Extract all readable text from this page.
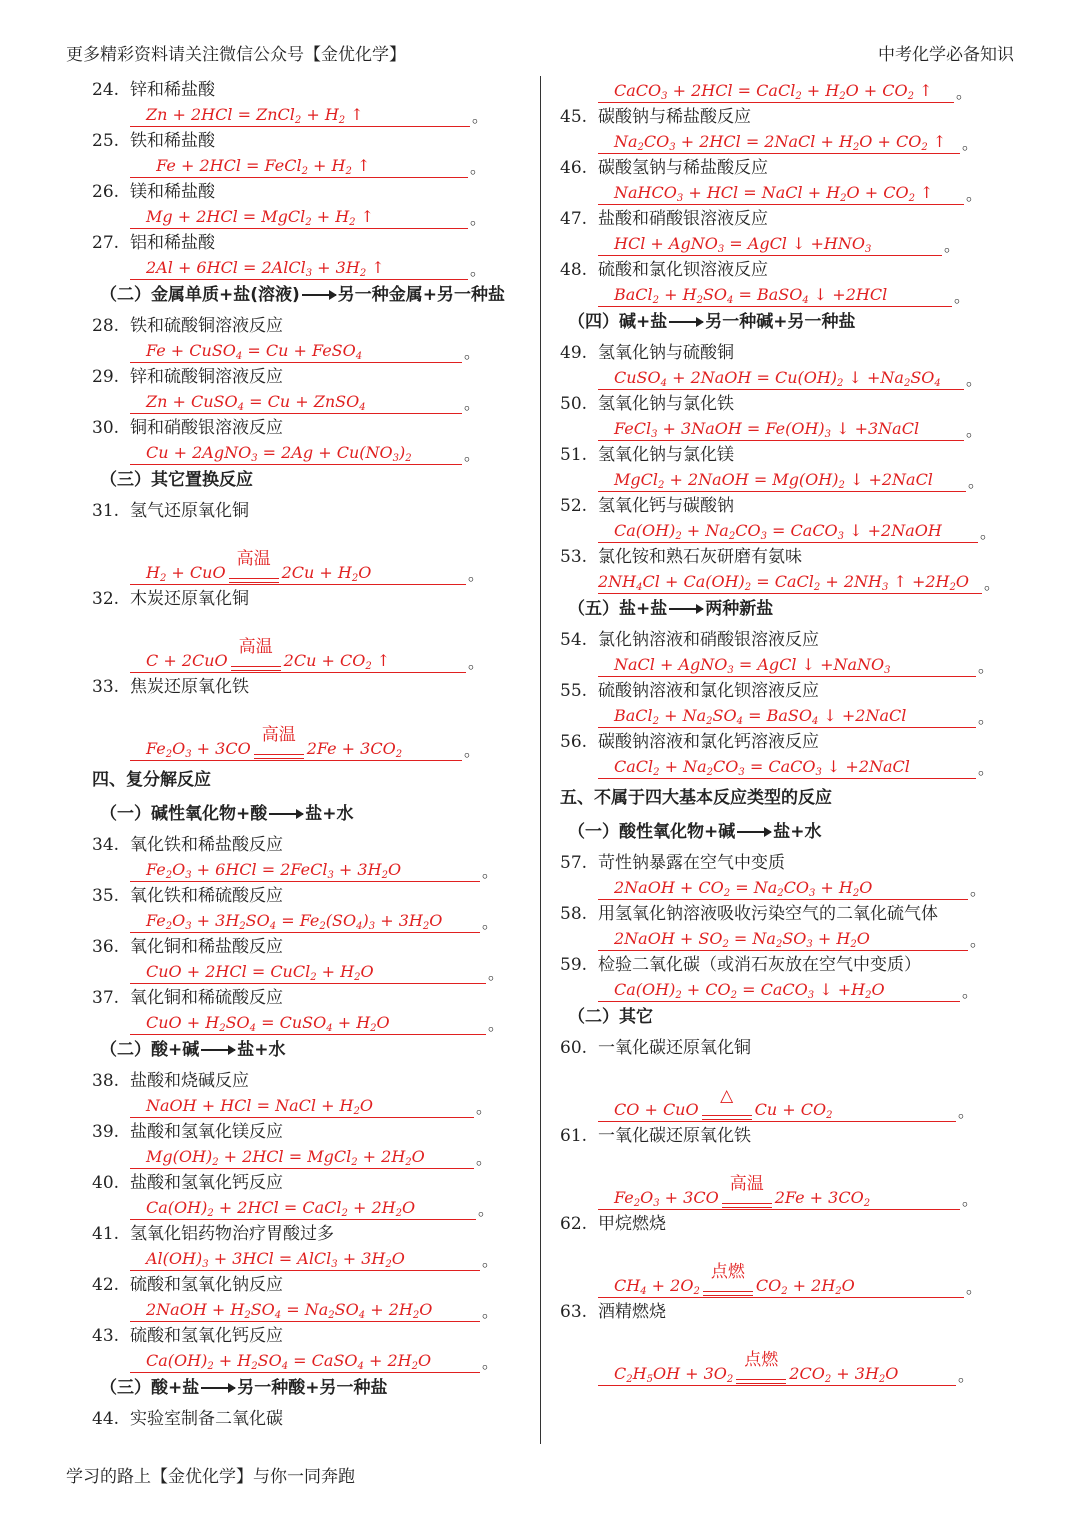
更多精彩资料请关注微信公众号【金优化学】	中考化学必备知识
24. 锌和稀盐酸
Zn + 2HCl = ZnCl$_2$ + $H_2$ ↑	。
25. 铁和稀盐酸
Fe + 2HCl = FeCl$_2$ + $H_2$ ↑	。
26. 镁和稀盐酸
Mg + 2HCl = MgCl$_2$ + $H_2$ ↑	。
27. 铝和稀盐酸
2Al + 6HCl = 2AlCl$_3$ + $3H_2$ ↑	。
（二）金属单质+盐(溶液) 另一种金属+另一种盐
28. 铁和硫酸铜溶液反应
Fe + CuSO$_4$ = Cu + FeSO$_4$	。
29. 锌和硫酸铜溶液反应
Zn + CuSO$_4$ = Cu + ZnSO$_4$	。
30. 铜和硝酸银溶液反应
Cu + 2AgNO$_3$ = $2Ag + Cu(NO_3)_2$	。
（三）其它置换反应
31. 氢气还原氧化铜
$H_2$ + CuO
高温
$2Cu + H_2O$	。
32. 木炭还原氧化铜
C + 2CuO
高温
$2Cu + CO_2$ ↑	。
33. 焦炭还原氧化铁
$Fe_2O_3 + 3CO$
高温
$2Fe + 3CO_2$	。
四、复分解反应
（一）碱性氧化物+酸 盐+水
34. 氧化铁和稀盐酸反应
$Fe_2O_3 + 6HCl$ = 2FeCl$_3$ + $3H_2O$	。
35. 氧化铁和稀硫酸反应
$Fe_2O_3 + 3H_2SO_4 = Fe_2(SO_4)_3 + 3H_2O$	。
36. 氧化铜和稀盐酸反应
CuO + 2HCl = CuCl$_2$ + $H_2O$	。
37. 氧化铜和稀硫酸反应
CuO + $H_2SO_4$ = CuSO$_4$ + $H_2O$	。
（二）酸+碱 盐+水
38. 盐酸和烧碱反应
NaOH + HCl = NaCl + $H_2O$	。
39. 盐酸和氢氧化镁反应
$Mg(OH)_2 + 2HCl$ = MgCl$_2$ + $2H_2O$	。
40. 盐酸和氢氧化钙反应
$Ca(OH)_2 + 2HCl$ = CaCl$_2$ + $2H_2O$	。
41. 氢氧化铝药物治疗胃酸过多
$Al(OH)_3 + 3HCl$ = AlCl$_3$ + $3H_2O$	。
42. 硫酸和氢氧化钠反应
2NaOH + $H_2SO_4 = Na_2SO_4 + 2H_2O$	。
43. 硫酸和氢氧化钙反应
$Ca(OH)_2 + H_2SO_4$ = CaSO$_4$ + $2H_2O$	。
（三）酸+盐 另一种酸+另一种盐
44. 实验室制备二氧化碳
CaCO$_3$ + 2HCl = CaCl$_2$ + $H_2O + CO_2$ ↑	。
45. 碳酸钠与稀盐酸反应
$Na_2CO_3 + 2HCl$ = 2NaCl + $H_2O + CO_2$ ↑ 。
46. 碳酸氢钠与稀盐酸反应
NaHCO$_3$ + HCl = NaCl + $H_2O + CO_2$ ↑	。
47. 盐酸和硝酸银溶液反应
HCl + AgNO$_3$ = AgCl ↓ $+HNO_3$	。
48. 硫酸和氯化钡溶液反应
BaCl$_2$ + $H_2SO_4$ = BaSO$_4$ ↓ +2HCl	。
（四）碱+盐 另一种碱+另一种盐
49. 氢氧化钠与硫酸铜
CuSO$_4$ + 2NaOH = $Cu(OH)_2$ ↓ $+Na_2SO_4$	。
50. 氢氧化钠与氯化铁
FeCl$_3$ + 3NaOH = $Fe(OH)_3$ ↓ +3NaCl	。
51. 氢氧化钠与氯化镁
MgCl$_2$ + 2NaOH = $Mg(OH)_2$ ↓ +2NaCl	。
52. 氢氧化钙与碳酸钠
$Ca(OH)_2 + Na_2CO_3$ = CaCO$_3$ ↓ +2NaOH	。
53. 氯化铵和熟石灰研磨有氨味
$2NH_4Cl + Ca(OH)_2$ = CaCl$_2$ + $2NH_3$ ↑ $+2H_2O$ 。
（五）盐+盐 两种新盐
54. 氯化钠溶液和硝酸银溶液反应
NaCl + AgNO$_3$ = AgCl ↓ +NaNO$_3$	。
55. 硫酸钠溶液和氯化钡溶液反应
BaCl$_2$ + $Na_2SO_4$ = BaSO$_4$ ↓ +2NaCl	。
56. 碳酸钠溶液和氯化钙溶液反应
CaCl$_2$ + $Na_2CO_3$ = CaCO$_3$ ↓ +2NaCl	。
五、不属于四大基本反应类型的反应
（一）酸性氧化物+碱 盐+水
57. 苛性钠暴露在空气中变质
2NaOH + $CO_2 = Na_2CO_3 + H_2O$	。
58. 用氢氧化钠溶液吸收污染空气的二氧化硫气体
2NaOH + $SO_2 = Na_2SO_3 + H_2O$	。
59. 检验二氧化碳（或消石灰放在空气中变质）
$Ca(OH)_2 + CO_2$ = CaCO$_3$ ↓ $+H_2O$	。
（二）其它
60. 一氧化碳还原氧化铜
CO + CuO
△
$Cu + CO_2$	。
61. 一氧化碳还原氧化铁
$Fe_2O_3 + 3CO$
高温
$2Fe + 3CO_2$	。
62. 甲烷燃烧
$CH_4 + 2O_2$
点燃
$CO_2 + 2H_2O$	。
63. 酒精燃烧
$C_2H_5OH + 3O_2$
点燃
$2CO_2 + 3H_2O$	。
学习的路上【金优化学】与你一同奔跑
